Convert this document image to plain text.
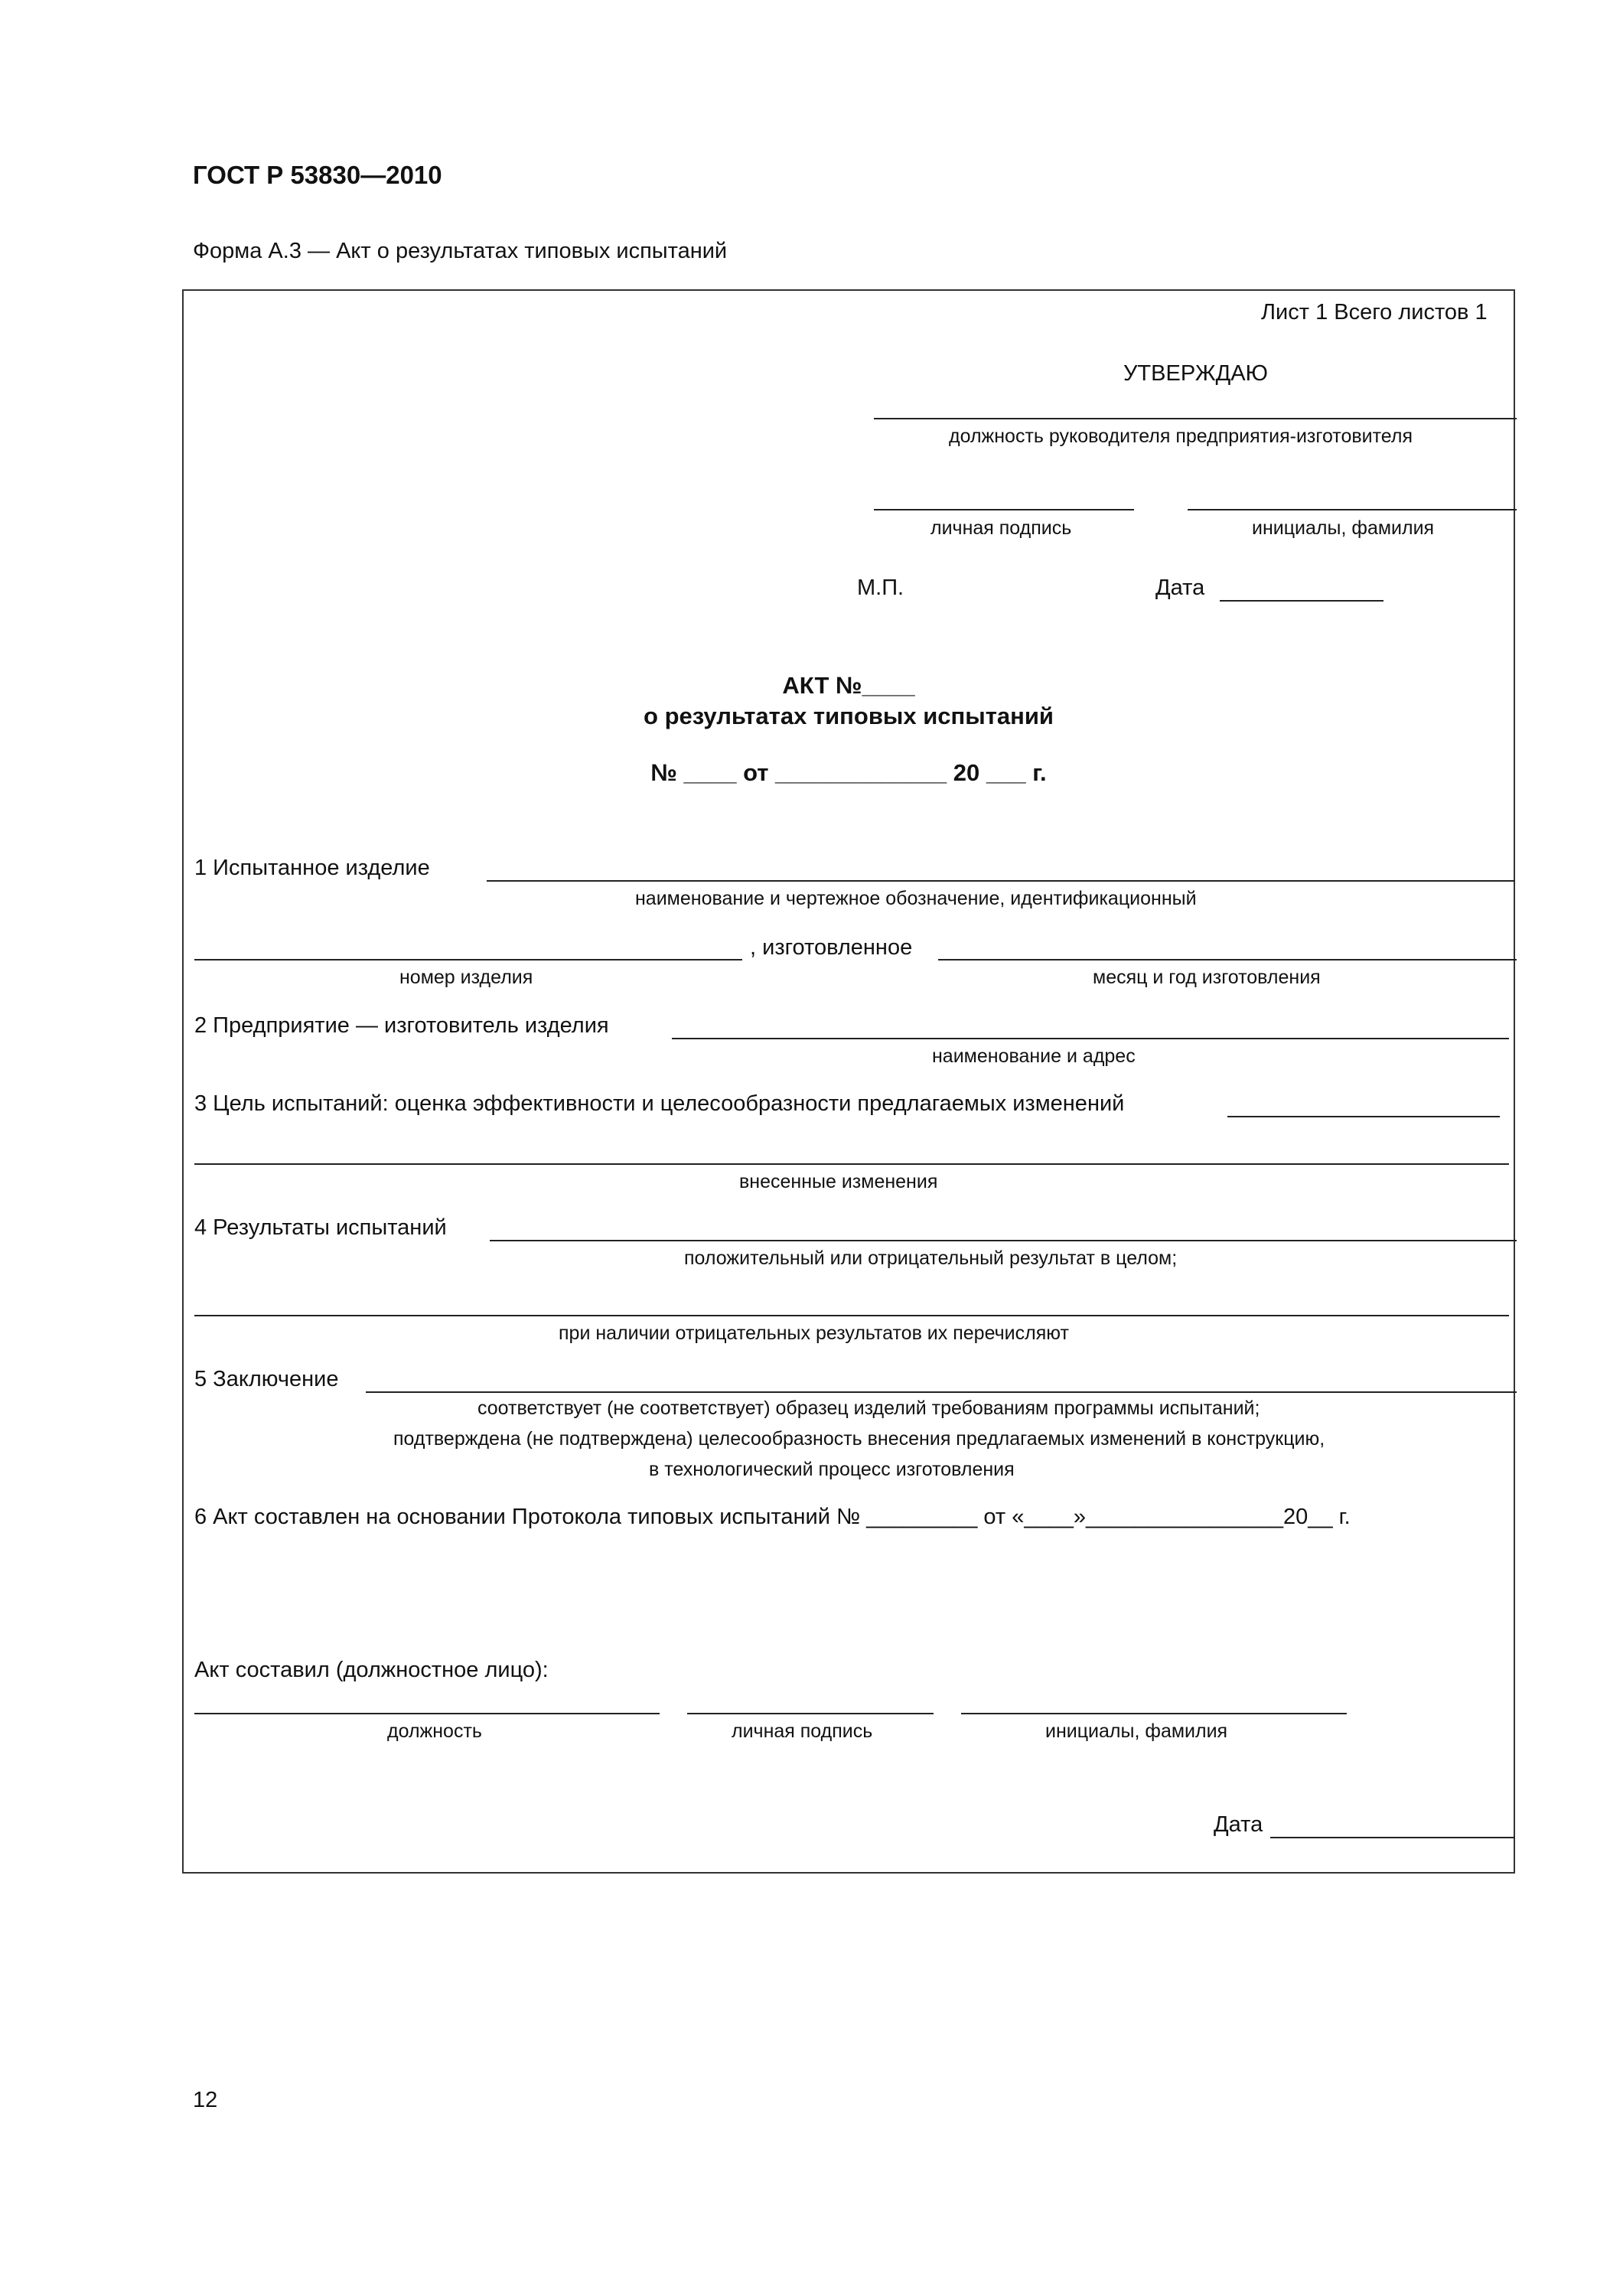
ГОСТ Р 53830—2010
Форма А.3 — Акт о результатах типовых испытаний
Лист 1 Всего листов 1
УТВЕРЖДАЮ
должность руководителя предприятия-изготовителя
личная подпись	инициалы, фамилия
М.П.	Дата
АКТ №____
о результатах типовых испытаний
№ ____ от _____________ 20 ___ г.
1 Испытанное изделие
наименование и чертежное обозначение, идентификационный
, изготовленное
номер изделия	месяц и год изготовления
2 Предприятие — изготовитель изделия
наименование и адрес
3 Цель испытаний: оценка эффективности и целесообразности предлагаемых изменений
внесенные изменения
4 Результаты испытаний
положительный или отрицательный результат в целом;
при наличии отрицательных результатов их перечисляют
5 Заключение
соответствует (не соответствует) образец изделий требованиям программы испытаний;
подтверждена (не подтверждена) целесообразность внесения предлагаемых изменений в конструкцию,
в технологический процесс изготовления
6 Акт составлен на основании Протокола типовых испытаний № _________ от «____»________________20__ г.
Акт составил (должностное лицо):
должность	личная подпись	инициалы, фамилия
Дата
12
